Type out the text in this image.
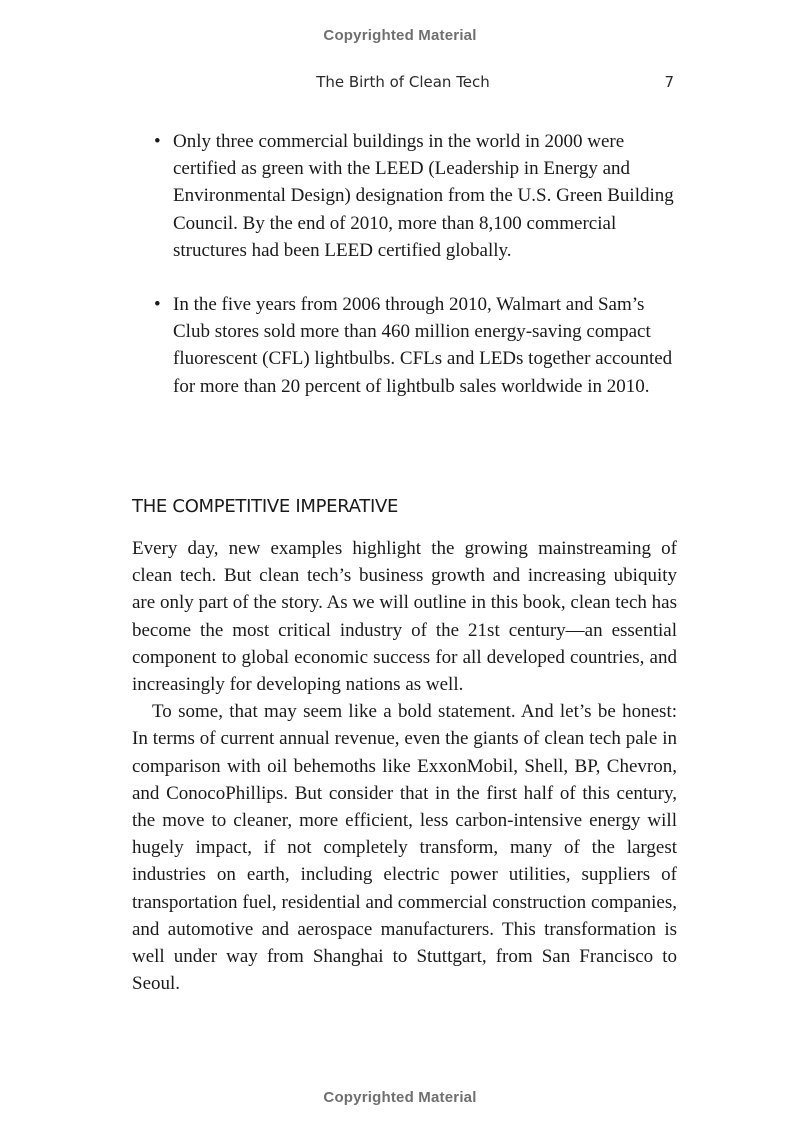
Copyrighted Material
The Birth of Clean Tech	7
• Only three commercial buildings in the world in 2000 were certified as green with the LEED (Leadership in Energy and Environmental Design) designation from the U.S. Green Building Council. By the end of 2010, more than 8,100 commercial structures had been LEED certified globally.
• In the five years from 2006 through 2010, Walmart and Sam’s Club stores sold more than 460 million energy-saving compact fluorescent (CFL) lightbulbs. CFLs and LEDs together accounted for more than 20 percent of lightbulb sales worldwide in 2010.
THE COMPETITIVE IMPERATIVE

Every day, new examples highlight the growing mainstreaming of clean tech. But clean tech’s business growth and increasing ubiquity are only part of the story. As we will outline in this book, clean tech has become the most critical industry of the 21st century—an essential component to global economic success for all developed countries, and increasingly for developing nations as well.

To some, that may seem like a bold statement. And let’s be honest: In terms of current annual revenue, even the giants of clean tech pale in comparison with oil behemoths like ExxonMobil, Shell, BP, Chevron, and ConocoPhillips. But consider that in the first half of this century, the move to cleaner, more efficient, less carbon-intensive energy will hugely impact, if not completely transform, many of the largest industries on earth, including electric power utilities, suppliers of transportation fuel, residential and commercial construction companies, and automotive and aerospace manufacturers. This transformation is well under way from Shanghai to Stuttgart, from San Francisco to Seoul.

Copyrighted Material
